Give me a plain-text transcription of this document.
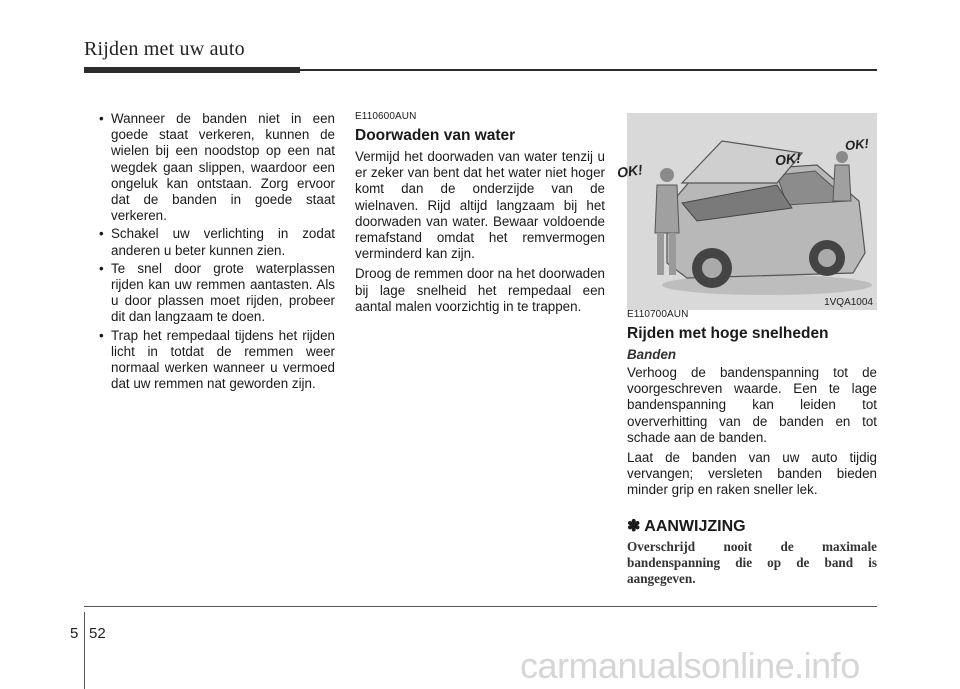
Rijden met uw auto
• Wanneer de banden niet in een goede staat verkeren, kunnen de wielen bij een noodstop op een nat wegdek gaan slippen, waardoor een ongeluk kan ontstaan. Zorg ervoor dat de banden in goede staat verkeren.
• Schakel uw verlichting in zodat anderen u beter kunnen zien.
• Te snel door grote waterplassen rijden kan uw remmen aantasten. Als u door plassen moet rijden, probeer dit dan langzaam te doen.
• Trap het rempedaal tijdens het rijden licht in totdat de remmen weer normaal werken wanneer u vermoed dat uw remmen nat geworden zijn.

E110600AUN

Doorwaden van water

Vermijd het doorwaden van water tenzij u er zeker van bent dat het water niet hoger komt dan de onderzijde van de wielnaven. Rijd altijd langzaam bij het doorwaden van water. Bewaar voldoende remafstand omdat het remvermogen verminderd kan zijn.

Droog de remmen door na het doorwaden bij lage snelheid het rempedaal een aantal malen voorzichtig in te trappen.

OK!
OK!
OK!
1VQA1004

E110700AUN

Rijden met hoge snelheden

Banden

Verhoog de bandenspanning tot de voorgeschreven waarde. Een te lage bandenspanning kan leiden tot oververhitting van de banden en tot schade aan de banden.

Laat de banden van uw auto tijdig vervangen; versleten banden bieden minder grip en raken sneller lek.

✽ AANWIJZING

Overschrijd nooit de maximale bandenspanning die op de band is aangegeven.

5 52
carmanualsonline.info
